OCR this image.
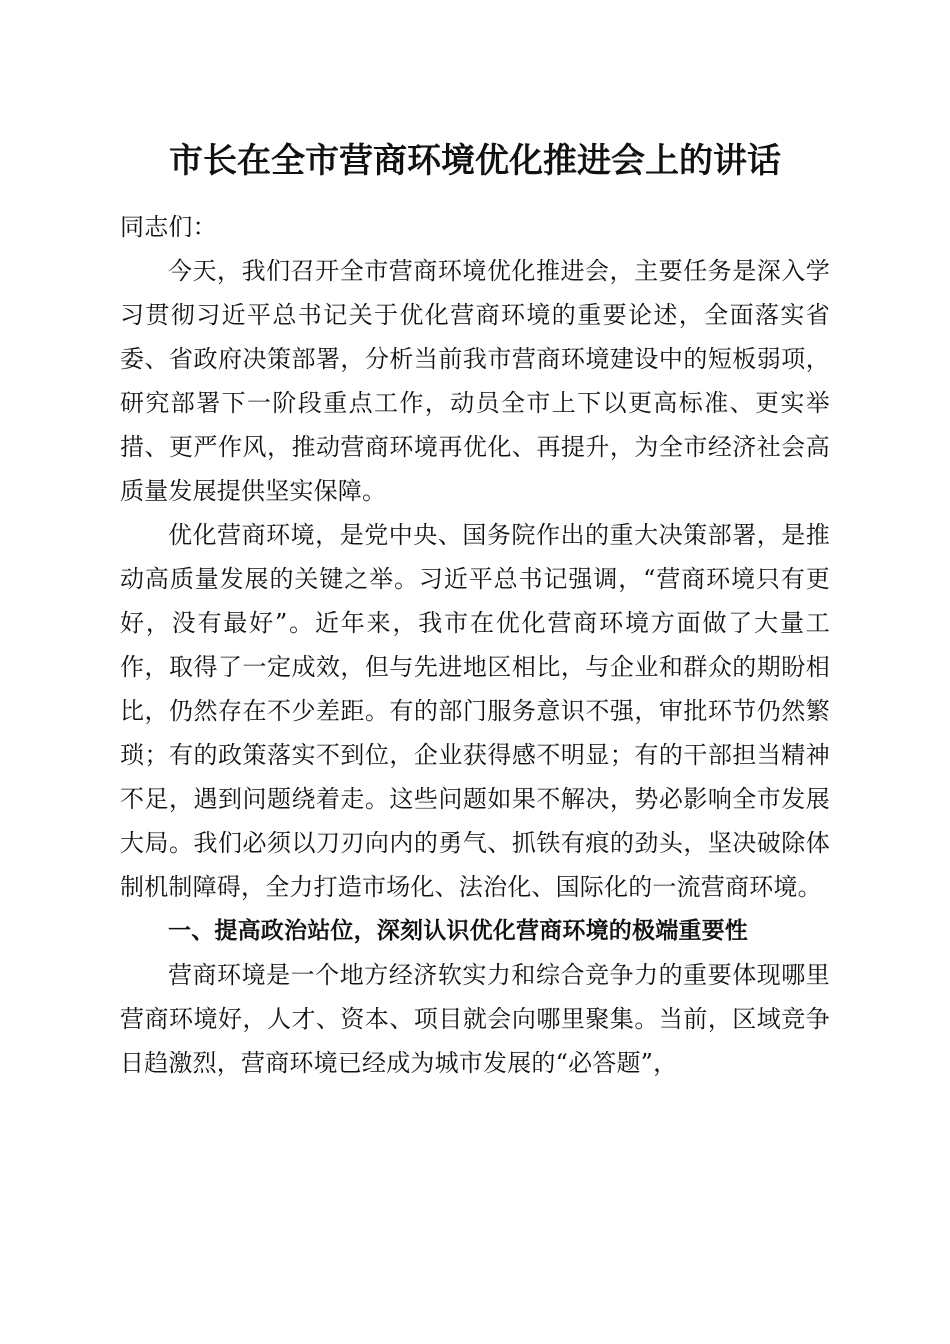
市长在全市营商环境优化推进会上的讲话

同志们：

今天，我们召开全市营商环境优化推进会，主要任务是深入学习贯彻习近平总书记关于优化营商环境的重要论述，全面落实省委、省政府决策部署，分析当前我市营商环境建设中的短板弱项，研究部署下一阶段重点工作，动员全市上下以更高标准、更实举措、更严作风，推动营商环境再优化、再提升，为全市经济社会高质量发展提供坚实保障。

优化营商环境，是党中央、国务院作出的重大决策部署，是推动高质量发展的关键之举。习近平总书记强调，“营商环境只有更好，没有最好”。近年来，我市在优化营商环境方面做了大量工作，取得了一定成效，但与先进地区相比，与企业和群众的期盼相比，仍然存在不少差距。有的部门服务意识不强，审批环节仍然繁琐；有的政策落实不到位，企业获得感不明显；有的干部担当精神不足，遇到问题绕着走。这些问题如果不解决，势必影响全市发展大局。我们必须以刀刃向内的勇气、抓铁有痕的劲头，坚决破除体制机制障碍，全力打造市场化、法治化、国际化的一流营商环境。

一、提高政治站位，深刻认识优化营商环境的极端重要性

营商环境是一个地方经济软实力和综合竞争力的重要体现哪里营商环境好，人才、资本、项目就会向哪里聚集。当前，区域竞争日趋激烈，营商环境已经成为城市发展的“必答题”，
